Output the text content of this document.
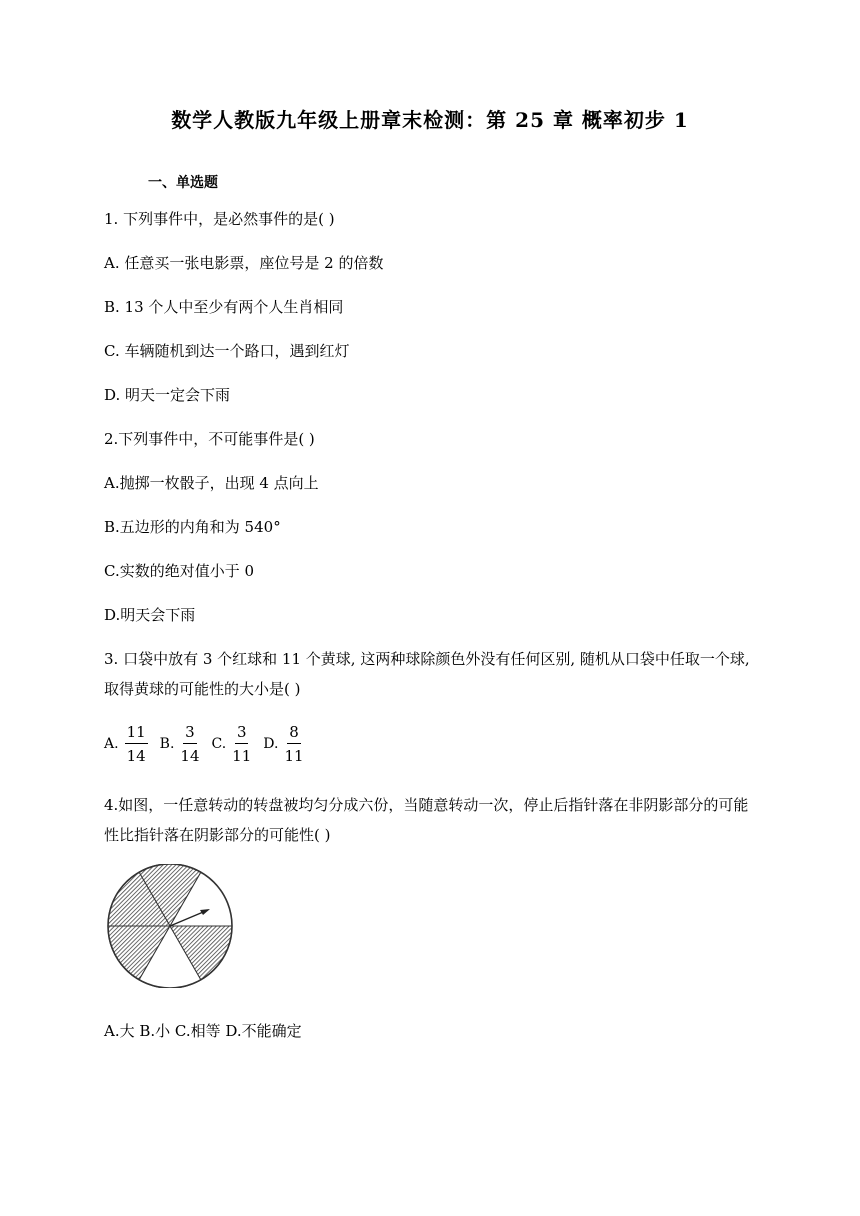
数学人教版九年级上册章末检测：第 25 章 概率初步 1
一、单选题
1. 下列事件中，是必然事件的是( )
A. 任意买一张电影票，座位号是 2 的倍数
B. 13 个人中至少有两个人生肖相同
C. 车辆随机到达一个路口，遇到红灯
D. 明天一定会下雨
2.下列事件中，不可能事件是( )
A.抛掷一枚骰子，出现 4 点向上
B.五边形的内角和为 540°
C.实数的绝对值小于 0
D.明天会下雨
3. 口袋中放有 3 个红球和 11 个黄球, 这两种球除颜色外没有任何区别, 随机从口袋中任取一个球,
取得黄球的可能性的大小是( )
A. $\frac{11}{14} B$. $\frac{3}{14} C$. $\frac{3}{11} D$. $\frac{8}{11}$
4.如图，一任意转动的转盘被均匀分成六份，当随意转动一次，停止后指针落在非阴影部分的可能
性比指针落在阴影部分的可能性( )
A.大 B.小 C.相等 D.不能确定
